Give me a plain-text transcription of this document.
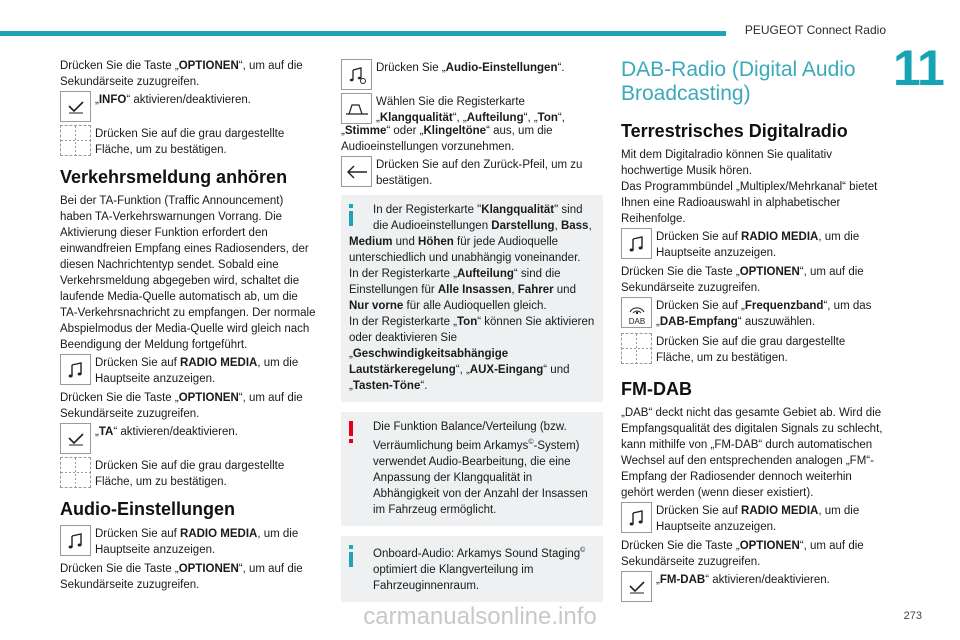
PEUGEOT Connect Radio
11

Drücken Sie die Taste „OPTIONEN“, um auf die Sekundärseite zuzugreifen.

„INFO“ aktivieren/deaktivieren.

Drücken Sie auf die grau dargestellte Fläche, um zu bestätigen.

Verkehrsmeldung anhören

Bei der TA-Funktion (Traffic Announcement) haben TA-Verkehrswarnungen Vorrang. Die Aktivierung dieser Funktion erfordert den einwandfreien Empfang eines Radiosenders, der diesen Nachrichtentyp sendet. Sobald eine Verkehrsmeldung abgegeben wird, schaltet die laufende Media-Quelle automatisch ab, um die TA-Verkehrsnachricht zu empfangen. Der normale Abspielmodus der Media-Quelle wird gleich nach Beendigung der Meldung fortgeführt.

Drücken Sie auf RADIO MEDIA, um die Hauptseite anzuzeigen.

Drücken Sie die Taste „OPTIONEN“, um auf die Sekundärseite zuzugreifen.

„TA“ aktivieren/deaktivieren.

Drücken Sie auf die grau dargestellte Fläche, um zu bestätigen.

Audio-Einstellungen

Drücken Sie auf RADIO MEDIA, um die Hauptseite anzuzeigen.

Drücken Sie die Taste „OPTIONEN“, um auf die Sekundärseite zuzugreifen.

Drücken Sie „Audio-Einstellungen“.

Wählen Sie die Registerkarte „Klangqualität“, „Aufteilung“, „Ton“,

„Stimme“ oder „Klingeltöne“ aus, um die Audioeinstellungen vorzunehmen.

Drücken Sie auf den Zurück-Pfeil, um zu bestätigen.

In der Registerkarte "Klangqualität" sind die Audioeinstellungen Darstellung, Bass,

Medium und Höhen für jede Audioquelle unterschiedlich und unabhängig voneinander.

In der Registerkarte „Aufteilung“ sind die Einstellungen für Alle Insassen, Fahrer und Nur vorne für alle Audioquellen gleich.

In der Registerkarte „Ton“ können Sie aktivieren oder deaktivieren Sie „Geschwindigkeitsabhängige Lautstärkeregelung“, „AUX-Eingang“ und „Tasten-Töne“.

Die Funktion Balance/Verteilung (bzw. Verräumlichung beim Arkamys©-System) verwendet Audio-Bearbeitung, die eine Anpassung der Klangqualität in Abhängigkeit von der Anzahl der Insassen im Fahrzeug ermöglicht.

Onboard-Audio: Arkamys Sound Staging© optimiert die Klangverteilung im Fahrzeuginnenraum.

DAB-Radio (Digital Audio Broadcasting)
Terrestrisches Digitalradio

Mit dem Digitalradio können Sie qualitativ hochwertige Musik hören.

Das Programmbündel „Multiplex/Mehrkanal“ bietet Ihnen eine Radioauswahl in alphabetischer Reihenfolge.

Drücken Sie auf RADIO MEDIA, um die Hauptseite anzuzeigen.

Drücken Sie die Taste „OPTIONEN“, um auf die Sekundärseite zuzugreifen.

DAB

Drücken Sie auf „Frequenzband“, um das „DAB-Empfang“ auszuwählen.

Drücken Sie auf die grau dargestellte Fläche, um zu bestätigen.

FM-DAB

„DAB“ deckt nicht das gesamte Gebiet ab. Wird die Empfangsqualität des digitalen Signals zu schlecht, kann mithilfe von „FM-DAB“ durch automatischen Wechsel auf den entsprechenden analogen „FM“-Empfang der Radiosender dennoch weiterhin gehört werden (wenn dieser existiert).

Drücken Sie auf RADIO MEDIA, um die Hauptseite anzuzeigen.

Drücken Sie die Taste „OPTIONEN“, um auf die Sekundärseite zuzugreifen.

„FM-DAB“ aktivieren/deaktivieren.

carmanualsonline.info	273
